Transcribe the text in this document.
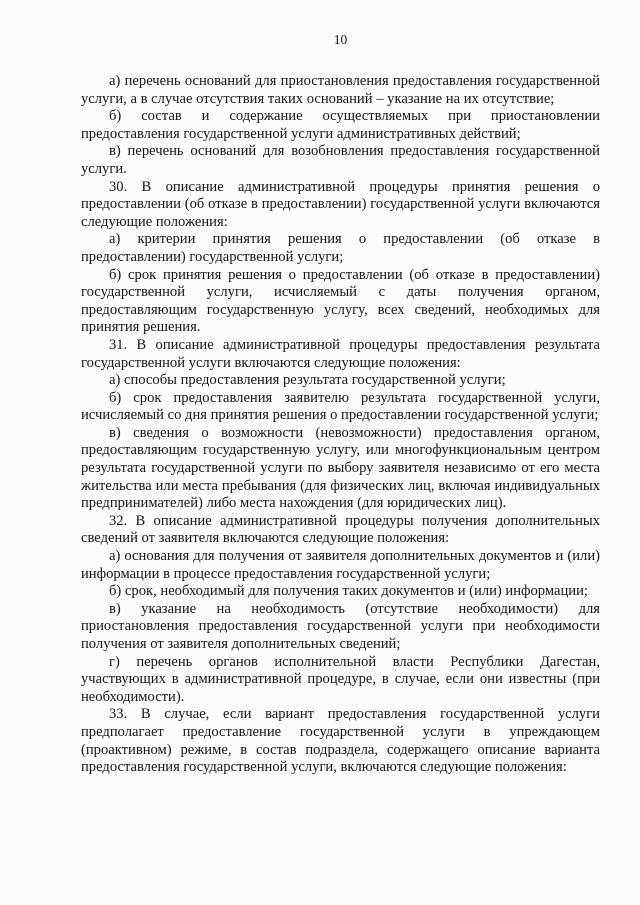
10

а) перечень оснований для приостановления предоставления государственной услуги, а в случае отсутствия таких оснований – указание на их отсутствие;

б) состав и содержание осуществляемых при приостановлении предоставления государственной услуги административных действий;

в) перечень оснований для возобновления предоставления государственной услуги.

30. В описание административной процедуры принятия решения о предоставлении (об отказе в предоставлении) государственной услуги включаются следующие положения:

а) критерии принятия решения о предоставлении (об отказе в предоставлении) государственной услуги;

б) срок принятия решения о предоставлении (об отказе в предоставлении) государственной услуги, исчисляемый с даты получения органом, предоставляющим государственную услугу, всех сведений, необходимых для принятия решения.

31. В описание административной процедуры предоставления результата государственной услуги включаются следующие положения:

а) способы предоставления результата государственной услуги;

б) срок предоставления заявителю результата государственной услуги, исчисляемый со дня принятия решения о предоставлении государственной услуги;

в) сведения о возможности (невозможности) предоставления органом, предоставляющим государственную услугу, или многофункциональным центром результата государственной услуги по выбору заявителя независимо от его места жительства или места пребывания (для физических лиц, включая индивидуальных предпринимателей) либо места нахождения (для юридических лиц).

32. В описание административной процедуры получения дополнительных сведений от заявителя включаются следующие положения:

а) основания для получения от заявителя дополнительных документов и (или) информации в процессе предоставления государственной услуги;

б) срок, необходимый для получения таких документов и (или) информации;

в) указание на необходимость (отсутствие необходимости) для приостановления предоставления государственной услуги при необходимости получения от заявителя дополнительных сведений;

г) перечень органов исполнительной власти Республики Дагестан, участвующих в административной процедуре, в случае, если они известны (при необходимости).

33. В случае, если вариант предоставления государственной услуги предполагает предоставление государственной услуги в упреждающем (проактивном) режиме, в состав подраздела, содержащего описание варианта предоставления государственной услуги, включаются следующие положения:
